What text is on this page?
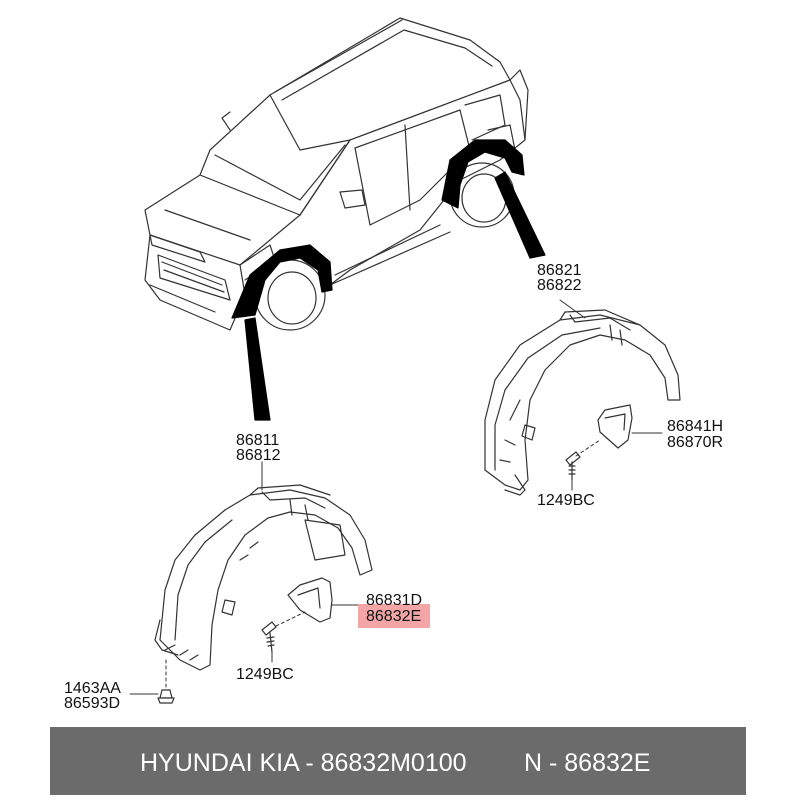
86811
86812
86821
86822
86841H
86870R
1249BC
86831D
86832E
1249BC
1463AA
86593D
HYUNDAI KIA - 86832M0100 N - 86832E
